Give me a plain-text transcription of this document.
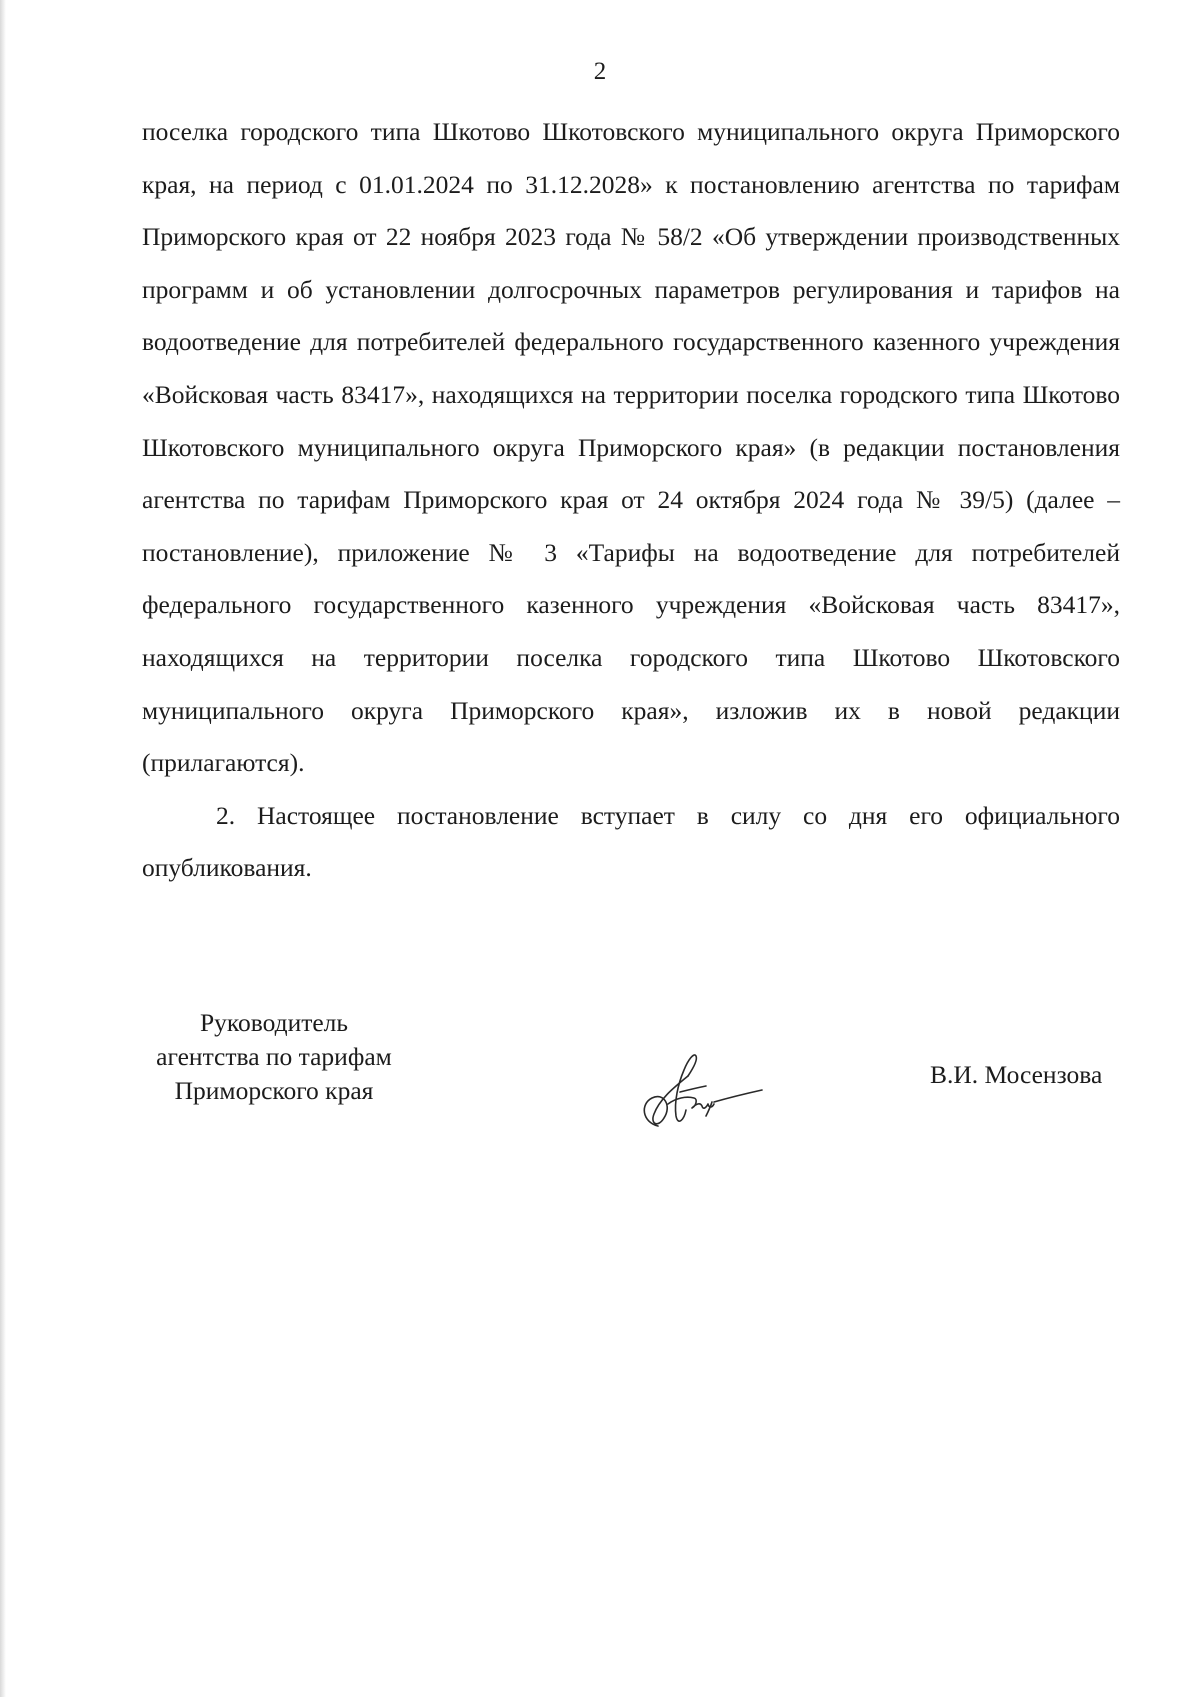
2

поселка городского типа Шкотово Шкотовского муниципального округа Приморского края, на период с 01.01.2024 по 31.12.2028» к постановлению агентства по тарифам Приморского края от 22 ноября 2023 года № 58/2 «Об утверждении производственных программ и об установлении долгосрочных параметров регулирования и тарифов на водоотведение для потребителей федерального государственного казенного учреждения «Войсковая часть 83417», находящихся на территории поселка городского типа Шкотово Шкотовского муниципального округа Приморского края» (в редакции постановления агентства по тарифам Приморского края от 24 октября 2024 года № 39/5) (далее – постановление), приложение № 3 «Тарифы на водоотведение для потребителей федерального государственного казенного учреждения «Войсковая часть 83417», находящихся на территории поселка городского типа Шкотово Шкотовского муниципального округа Приморского края», изложив их в новой редакции (прилагаются).

2. Настоящее постановление вступает в силу со дня его официального опубликования.

Руководитель
агентства по тарифам
Приморского края
В.И. Мосензова
